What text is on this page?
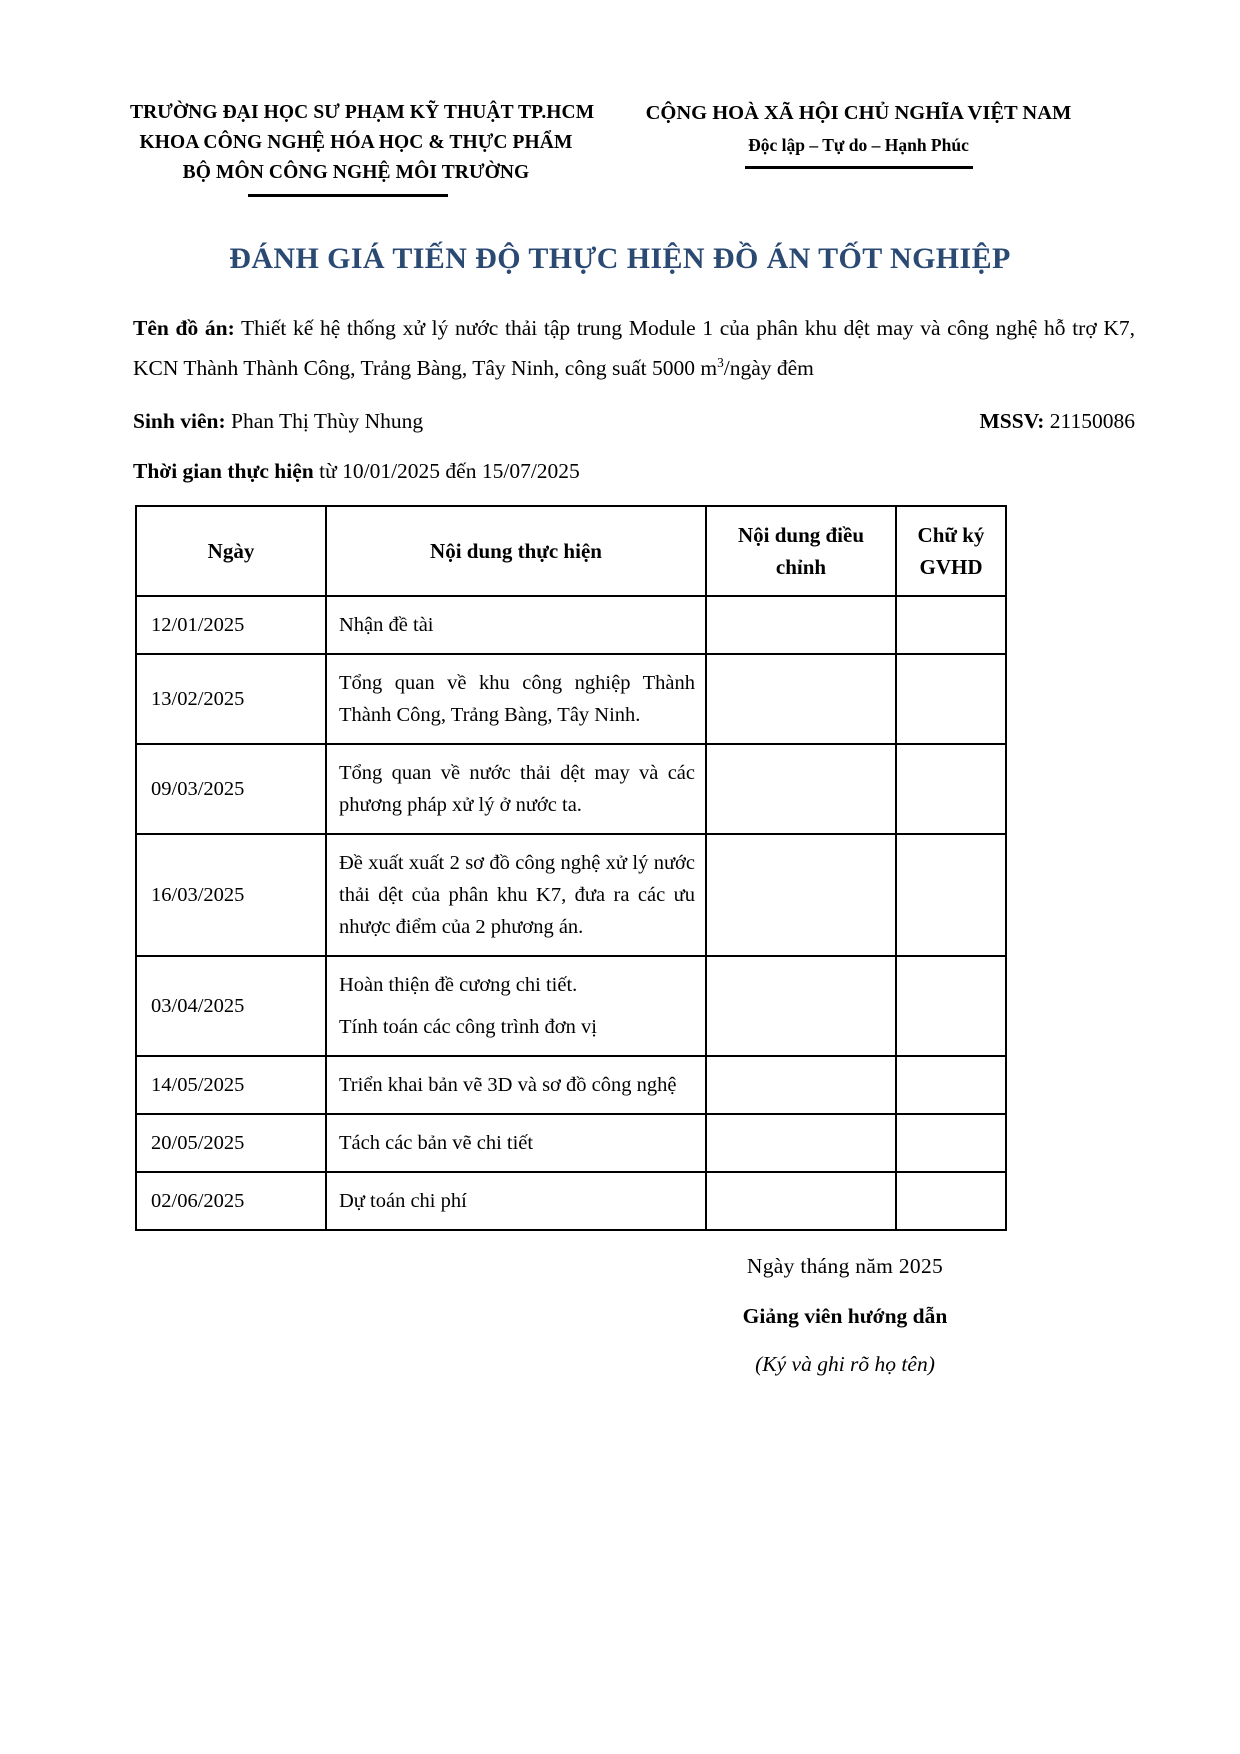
TRƯỜNG ĐẠI HỌC SƯ PHẠM KỸ THUẬT TP.HCM
KHOA CÔNG NGHỆ HÓA HỌC & THỰC PHẨM
BỘ MÔN CÔNG NGHỆ MÔI TRƯỜNG
CỘNG HOÀ XÃ HỘI CHỦ NGHĨA VIỆT NAM
Độc lập – Tự do – Hạnh Phúc
ĐÁNH GIÁ TIẾN ĐỘ THỰC HIỆN ĐỒ ÁN TỐT NGHIỆP
Tên đồ án: Thiết kế hệ thống xử lý nước thải tập trung Module 1 của phân khu dệt may và công nghệ hỗ trợ K7, KCN Thành Thành Công, Trảng Bàng, Tây Ninh, công suất 5000 $m^3$/ngày đêm
Sinh viên: Phan Thị Thùy Nhung	MSSV: 21150086
Thời gian thực hiện từ 10/01/2025 đến 15/07/2025
Ngày	Nội dung thực hiện	Nội dung điều chỉnh	Chữ ký GVHD
12/01/2025	Nhận đề tài		

13/02/2025	Tổng quan về khu công nghiệp Thành Thành Công, Trảng Bàng, Tây Ninh.		

09/03/2025	Tổng quan về nước thải dệt may và các phương pháp xử lý ở nước ta.		

16/03/2025	Đề xuất xuất 2 sơ đồ công nghệ xử lý nước thải dệt của phân khu K7, đưa ra các ưu nhược điểm của 2 phương án.		

03/04/2025	Hoàn thiện đề cương chi tiết.
Tính toán các công trình đơn vị		

14/05/2025	Triển khai bản vẽ 3D và sơ đồ công nghệ		

20/05/2025	Tách các bản vẽ chi tiết		

02/06/2025	Dự toán chi phí		

Ngày tháng năm 2025
Giảng viên hướng dẫn
(Ký và ghi rõ họ tên)
